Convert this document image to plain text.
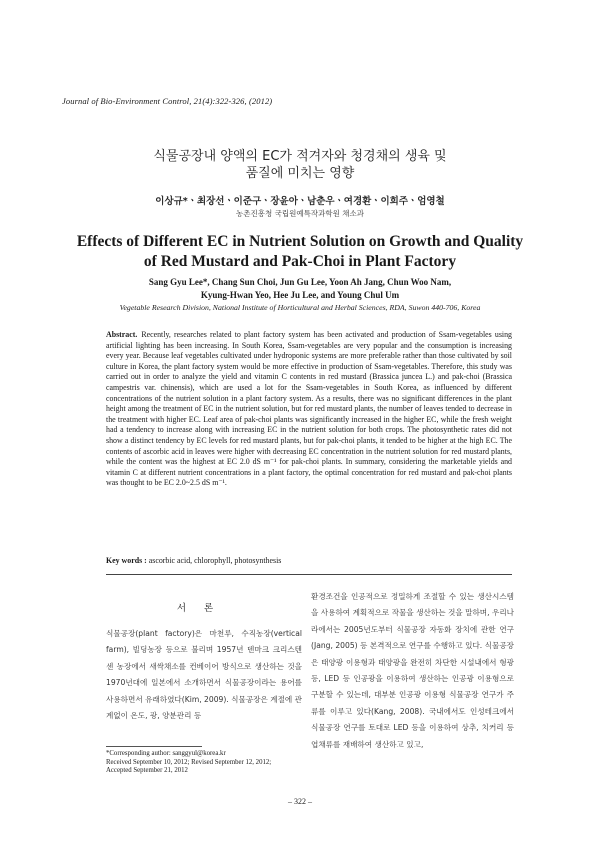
Journal of Bio-Environment Control, 21(4):322-326, (2012)
식물공장내 양액의 EC가 적겨자와 청경채의 생육 및
품질에 미치는 영향
이상규*ㆍ최장선ㆍ이준구ㆍ장윤아ㆍ남춘우ㆍ여경환ㆍ이희주ㆍ엄영철
농촌진흥청 국립원예특작과학원 채소과
Effects of Different EC in Nutrient Solution on Growth and Quality
of Red Mustard and Pak-Choi in Plant Factory
Sang Gyu Lee*, Chang Sun Choi, Jun Gu Lee, Yoon Ah Jang, Chun Woo Nam,
Kyung-Hwan Yeo, Hee Ju Lee, and Young Chul Um
Vegetable Research Division, National Institute of Horticultural and Herbal Sciences, RDA, Suwon 440-706, Korea
Abstract. Recently, researches related to plant factory system has been activated and production of Ssam-vegetables using artificial lighting has been increasing. In South Korea, Ssam-vegetables are very popular and the consumption is increasing every year. Because leaf vegetables cultivated under hydroponic systems are more preferable rather than those cultivated by soil culture in Korea, the plant factory system would be more effective in production of Ssam-vegetables. Therefore, this study was carried out in order to analyze the yield and vitamin C contents in red mustard (Brassica juncea L.) and pak-choi (Brassica campestris var. chinensis), which are used a lot for the Ssam-vegetables in South Korea, as influenced by different concentrations of the nutrient solution in a plant factory system. As a results, there was no significant differences in the plant height among the treatment of EC in the nutrient solution, but for red mustard plants, the number of leaves tended to decrease in the treatment with higher EC. Leaf area of pak-choi plants was significantly increased in the higher EC, while the fresh weight had a tendency to increase along with increasing EC in the nutrient solution for both crops. The photosynthetic rates did not show a distinct tendency by EC levels for red mustard plants, but for pak-choi plants, it tended to be higher at the high EC. The contents of ascorbic acid in leaves were higher with decreasing EC concentration in the nutrient solution for red mustard plants, while the content was the highest at EC 2.0 dS m⁻¹ for pak-choi plants. In summary, considering the marketable yields and vitamin C at different nutrient concentrations in a plant factory, the optimal concentration for red mustard and pak-choi plants was thought to be EC 2.0~2.5 dS m⁻¹.
Key words : ascorbic acid, chlorophyll, photosynthesis
서론
식물공장(plant factory)은 마천루, 수직농장(vertical farm), 빌딩농장 등으로 불리며 1957년 덴마크 크리스텐센 농장에서 새싹채소를 컨베이어 방식으로 생산하는 것을 1970년대에 일본에서 소개하면서 식물공장이라는 용어를 사용하면서 유래하였다(Kim, 2009). 식물공장은 계절에 관계없이 온도, 광, 양분관리 등
환경조건을 인공적으로 정밀하게 조절할 수 있는 생산시스템을 사용하여 계획적으로 작물을 생산하는 것을 말하며, 우리나라에서는 2005년도부터 식물공장 자동화 장치에 관한 연구(Jang, 2005) 등 본격적으로 연구를 수행하고 있다. 식물공장은 태양광 이용형과 태양광을 완전히 차단한 시설내에서 형광등, LED 등 인공광을 이용하여 생산하는 인공광 이용형으로 구분할 수 있는데, 대부분 인공광 이용형 식물공장 연구가 주류를 이루고 있다(Kang, 2008). 국내에서도 인성테크에서 식물공장 연구를 토대로 LED 등을 이용하여 상추, 치커리 등 엽채류를 재배하여 생산하고 있고,
*Corresponding author: sanggyul@korea.kr
Received September 10, 2012; Revised September 12, 2012;
Accepted September 21, 2012
– 322 –
